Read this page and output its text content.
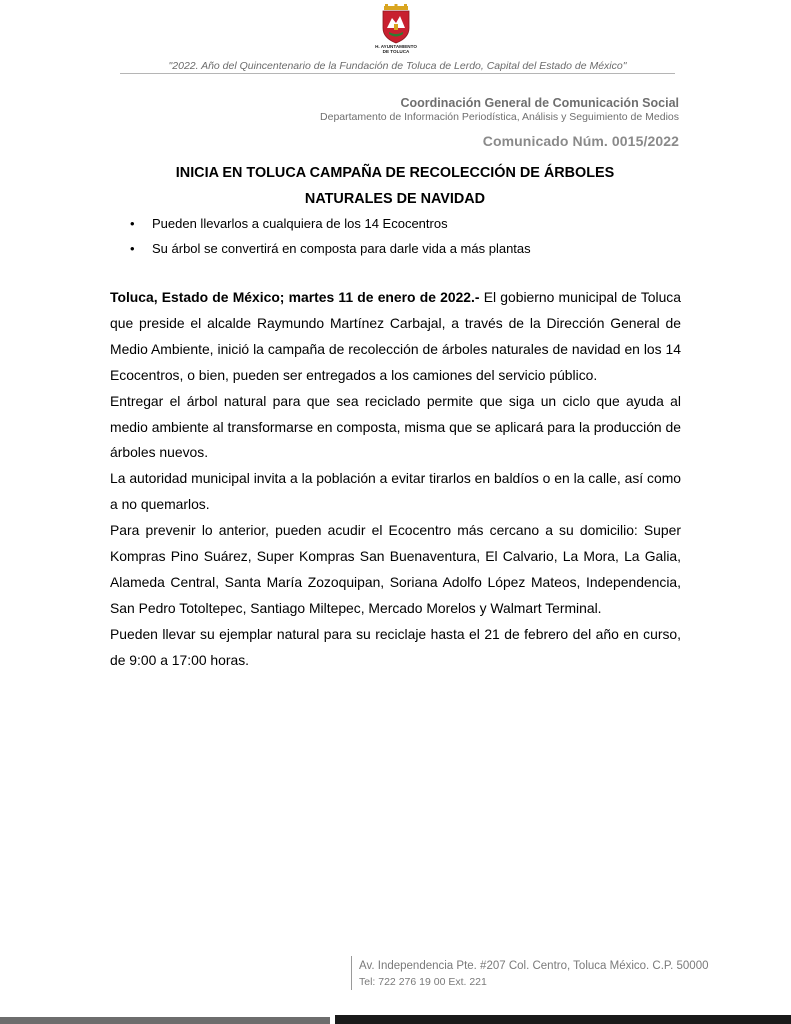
H. AYUNTAMIENTO
DE TOLUCA
"2022. Año del Quincentenario de la Fundación de Toluca de Lerdo, Capital del Estado de México"
Coordinación General de Comunicación Social
Departamento de Información Periodística, Análisis y Seguimiento de Medios
Comunicado Núm. 0015/2022
INICIA EN TOLUCA CAMPAÑA DE RECOLECCIÓN DE ÁRBOLES
NATURALES DE NAVIDAD
• Pueden llevarlos a cualquiera de los 14 Ecocentros
• Su árbol se convertirá en composta para darle vida a más plantas

Toluca, Estado de México; martes 11 de enero de 2022.- El gobierno municipal de Toluca que preside el alcalde Raymundo Martínez Carbajal, a través de la Dirección General de Medio Ambiente, inició la campaña de recolección de árboles naturales de navidad en los 14 Ecocentros, o bien, pueden ser entregados a los camiones del servicio público.

Entregar el árbol natural para que sea reciclado permite que siga un ciclo que ayuda al medio ambiente al transformarse en composta, misma que se aplicará para la producción de árboles nuevos.

La autoridad municipal invita a la población a evitar tirarlos en baldíos o en la calle, así como a no quemarlos.

Para prevenir lo anterior, pueden acudir el Ecocentro más cercano a su domicilio: Super Kompras Pino Suárez, Super Kompras San Buenaventura, El Calvario, La Mora, La Galia, Alameda Central, Santa María Zozoquipan, Soriana Adolfo López Mateos, Independencia, San Pedro Totoltepec, Santiago Miltepec, Mercado Morelos y Walmart Terminal.

Pueden llevar su ejemplar natural para su reciclaje hasta el 21 de febrero del año en curso, de 9:00 a 17:00 horas.

Av. Independencia Pte. #207 Col. Centro, Toluca México. C.P. 50000
Tel: 722 276 19 00 Ext. 221
